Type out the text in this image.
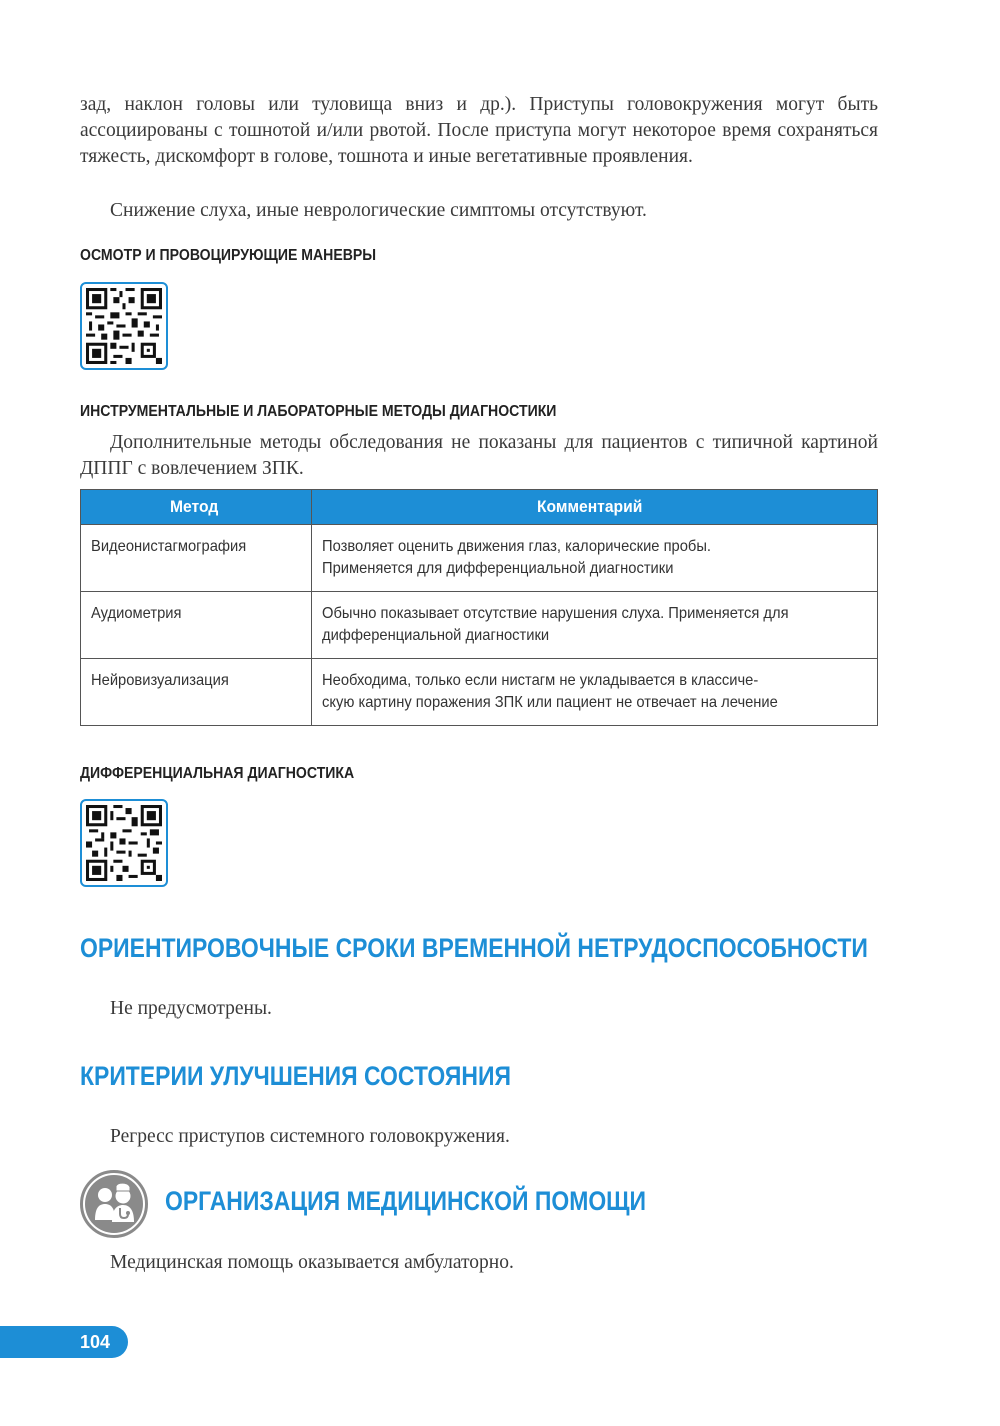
зад, наклон головы или туловища вниз и др.). Приступы головокружения могут быть ассоциированы с тошнотой и/или рвотой. После приступа могут некоторое время сохраняться тяжесть, дискомфорт в голове, тошнота и иные вегетативные проявления.

Снижение слуха, иные неврологические симптомы отсутствуют.

ОСМОТР И ПРОВОЦИРУЮЩИЕ МАНЕВРЫ
ИНСТРУМЕНТАЛЬНЫЕ И ЛАБОРАТОРНЫЕ МЕТОДЫ ДИАГНОСТИКИ

Дополнительные методы обследования не показаны для пациентов с типичной картиной ДППГ с вовлечением ЗПК.

Метод	Комментарий
Видеонистагмография	Позволяет оценить движения глаз, калорические пробы.
Применяется для дифференциальной диагностики
Аудиометрия	Обычно показывает отсутствие нарушения слуха. Применяется для
дифференциальной диагностики
Нейровизуализация	Необходима, только если нистагм не укладывается в классиче-
скую картину поражения ЗПК или пациент не отвечает на лечение
ДИФФЕРЕНЦИАЛЬНАЯ ДИАГНОСТИКА
ОРИЕНТИРОВОЧНЫЕ СРОКИ ВРЕМЕННОЙ НЕТРУДОСПОСОБНОСТИ

Не предусмотрены.

КРИТЕРИИ УЛУЧШЕНИЯ СОСТОЯНИЯ

Регресс приступов системного головокружения.

ОРГАНИЗАЦИЯ МЕДИЦИНСКОЙ ПОМОЩИ

Медицинская помощь оказывается амбулаторно.

104
